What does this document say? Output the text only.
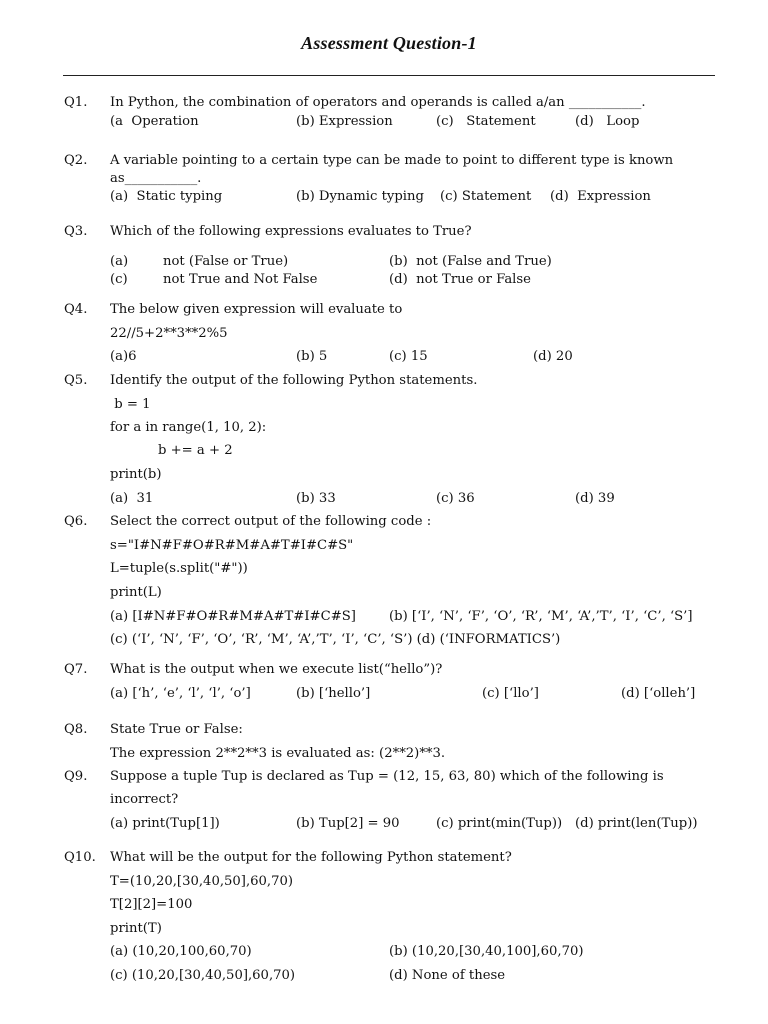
Assessment Question-1
Q1. In Python, the combination of operators and operands is called a/an ___________.
(a  Operation	(b) Expression	(c)   Statement	(d)   Loop
Q2. A variable pointing to a certain type can be made to point to different type is known
as___________.
(a)  Static typing	(b) Dynamic typing (c) Statement (d)  Expression
Q3. Which of the following expressions evaluates to True?
(a)	not (False or True)	(b)  not (False and True)
(c)	not True and Not False	(d)  not True or False
Q4. The below given expression will evaluate to
22//5+2**3**2%5
(a)6	(b) 5	(c) 15	(d) 20
Q5. Identify the output of the following Python statements.
b = 1
for a in range(1, 10, 2):
b += a + 2
print(b)
(a)  31	(b) 33	(c) 36	(d) 39
Q6. Select the correct output of the following code :
s="I#N#F#O#R#M#A#T#I#C#S"
L=tuple(s.split("#"))
print(L)
(a) [I#N#F#O#R#M#A#T#I#C#S]	(b) [‘I’, ‘N’, ‘F’, ‘O’, ‘R’, ‘M’, ‘A’,’T’, ‘I’, ‘C’, ‘S’]
(c) (‘I’, ‘N’, ‘F’, ‘O’, ‘R’, ‘M’, ‘A’,’T’, ‘I’, ‘C’, ‘S’) (d) (‘INFORMATICS’)
Q7. What is the output when we execute list(“hello”)?
(a) [‘h’, ‘e’, ‘l’, ‘l’, ‘o’]	(b) [‘hello’]	(c) [‘llo’]	(d) [‘olleh’]
Q8. State True or False:
The expression 2**2**3 is evaluated as: (2**2)**3.
Q9. Suppose a tuple Tup is declared as Tup = (12, 15, 63, 80) which of the following is
incorrect?
(a) print(Tup[1])	(b) Tup[2] = 90	(c) print(min(Tup)) (d) print(len(Tup))
Q10. What will be the output for the following Python statement?
T=(10,20,[30,40,50],60,70)
T[2][2]=100
print(T)
(a) (10,20,100,60,70)	(b) (10,20,[30,40,100],60,70)
(c) (10,20,[30,40,50],60,70)	(d) None of these
